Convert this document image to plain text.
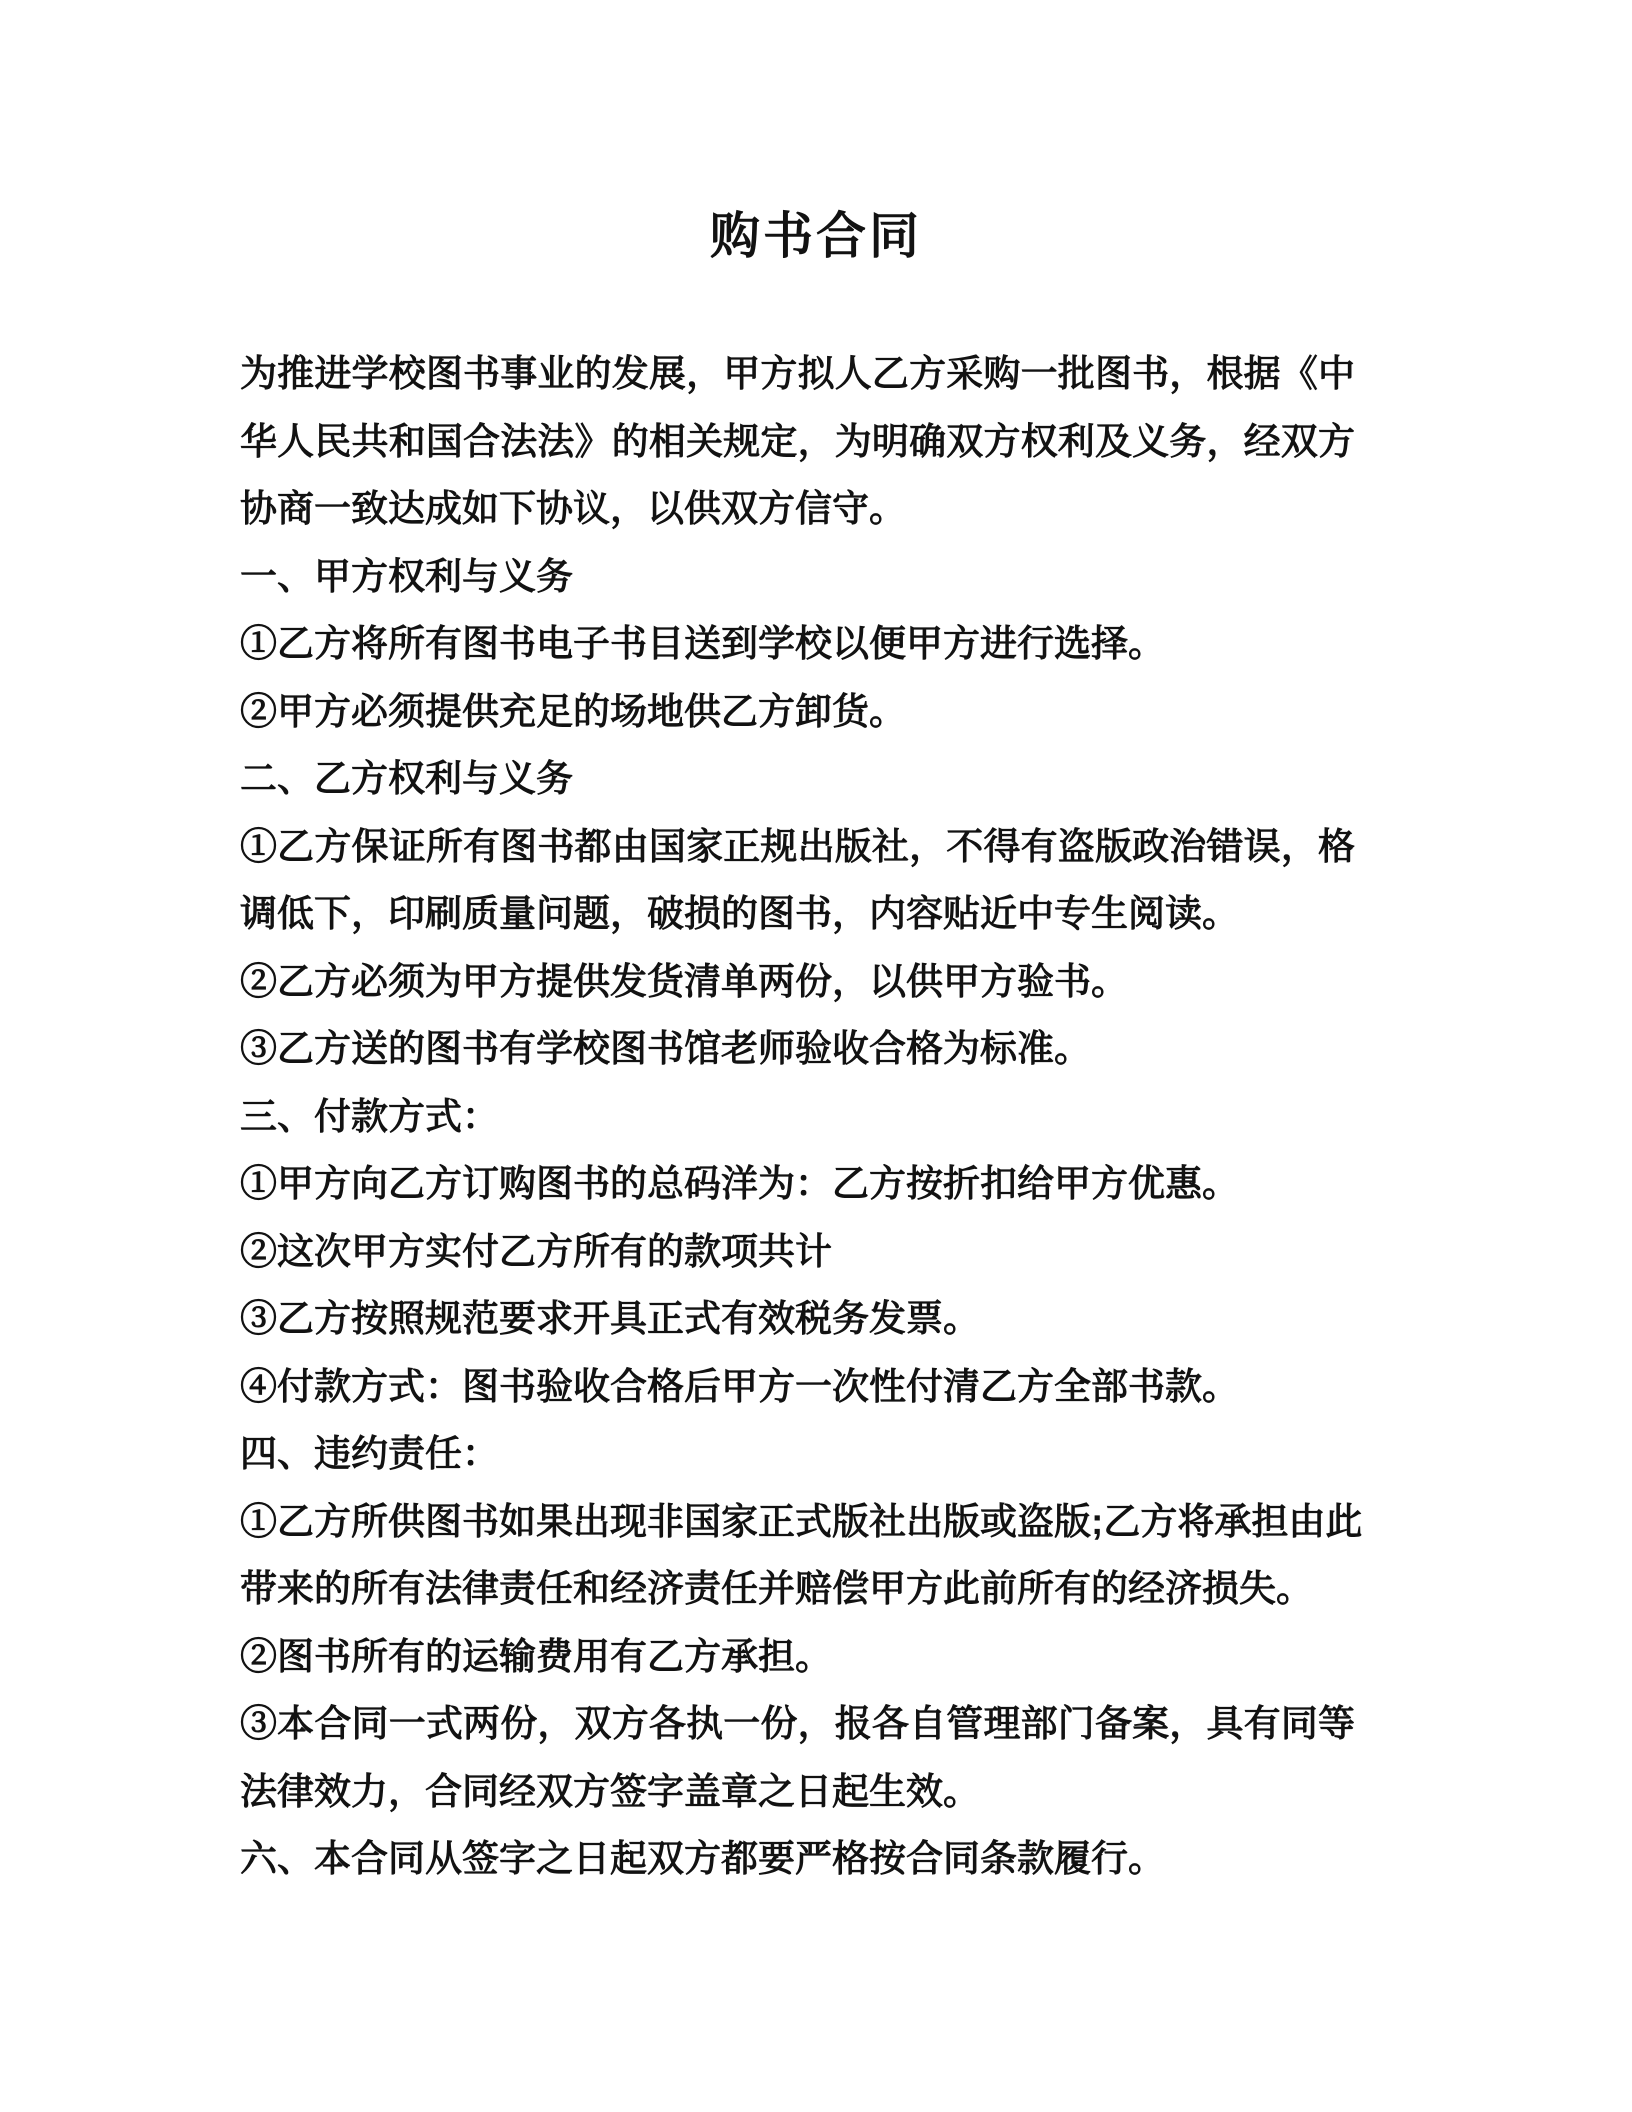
购书合同
为推进学校图书事业的发展，甲方拟人乙方采购一批图书，根据《中
华人民共和国合法法》的相关规定，为明确双方权利及义务，经双方
协商一致达成如下协议，以供双方信守。
一、甲方权利与义务
①乙方将所有图书电子书目送到学校以便甲方进行选择。
②甲方必须提供充足的场地供乙方卸货。
二、乙方权利与义务
①乙方保证所有图书都由国家正规出版社，不得有盗版政治错误，格
调低下，印刷质量问题，破损的图书，内容贴近中专生阅读。
②乙方必须为甲方提供发货清单两份，以供甲方验书。
③乙方送的图书有学校图书馆老师验收合格为标准。
三、付款方式：
①甲方向乙方订购图书的总码洋为：乙方按折扣给甲方优惠。
②这次甲方实付乙方所有的款项共计
③乙方按照规范要求开具正式有效税务发票。
④付款方式：图书验收合格后甲方一次性付清乙方全部书款。
四、违约责任：
①乙方所供图书如果出现非国家正式版社出版或盗版;乙方将承担由此
带来的所有法律责任和经济责任并赔偿甲方此前所有的经济损失。
②图书所有的运输费用有乙方承担。
③本合同一式两份，双方各执一份，报各自管理部门备案，具有同等
法律效力，合同经双方签字盖章之日起生效。
六、本合同从签字之日起双方都要严格按合同条款履行。
